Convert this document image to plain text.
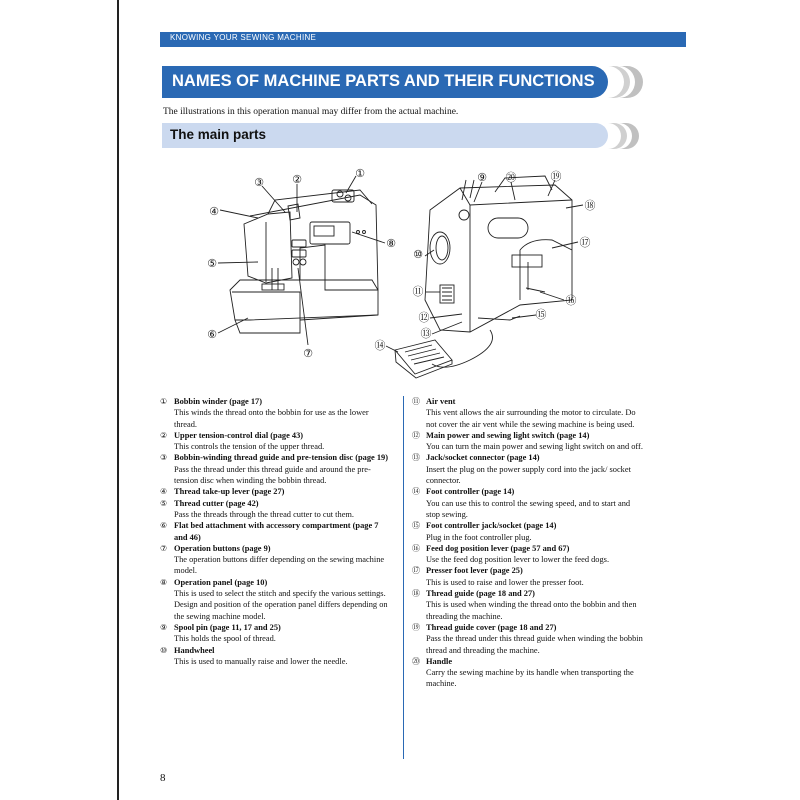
KNOWING YOUR SEWING MACHINE
NAMES OF MACHINE PARTS AND THEIR FUNCTIONS
The illustrations in this operation manual may differ from the actual machine.
The main parts
①
②
③
④
⑤
⑥
⑦
⑧
⑨
⑩
⑪
⑫
⑬
⑭
⑮
⑯
⑰
⑱
⑲
⑳
① Bobbin winder (page 17)
This winds the thread onto the bobbin for use as the lower thread.
② Upper tension-control dial (page 43)
This controls the tension of the upper thread.
③ Bobbin-winding thread guide and pre-tension disc (page 19)
Pass the thread under this thread guide and around the pre-tension disc when winding the bobbin thread.
④ Thread take-up lever (page 27)
⑤ Thread cutter (page 42)
Pass the threads through the thread cutter to cut them.
⑥ Flat bed attachment with accessory compartment (page 7 and 46)
⑦ Operation buttons (page 9)
The operation buttons differ depending on the sewing machine model.
⑧ Operation panel (page 10)
This is used to select the stitch and specify the various settings. Design and position of the operation panel differs depending on the sewing machine model.
⑨ Spool pin (page 11, 17 and 25)
This holds the spool of thread.
⑩ Handwheel
This is used to manually raise and lower the needle.
⑪ Air vent
This vent allows the air surrounding the motor to circulate. Do not cover the air vent while the sewing machine is being used.
⑫ Main power and sewing light switch (page 14)
You can turn the main power and sewing light switch on and off.
⑬ Jack/socket connector (page 14)
Insert the plug on the power supply cord into the jack/ socket connector.
⑭ Foot controller (page 14)
You can use this to control the sewing speed, and to start and stop sewing.
⑮ Foot controller jack/socket (page 14)
Plug in the foot controller plug.
⑯ Feed dog position lever (page 57 and 67)
Use the feed dog position lever to lower the feed dogs.
⑰ Presser foot lever (page 25)
This is used to raise and lower the presser foot.
⑱ Thread guide (page 18 and 27)
This is used when winding the thread onto the bobbin and then threading the machine.
⑲ Thread guide cover (page 18 and 27)
Pass the thread under this thread guide when winding the bobbin thread and threading the machine.
⑳ Handle
Carry the sewing machine by its handle when transporting the machine.
8
